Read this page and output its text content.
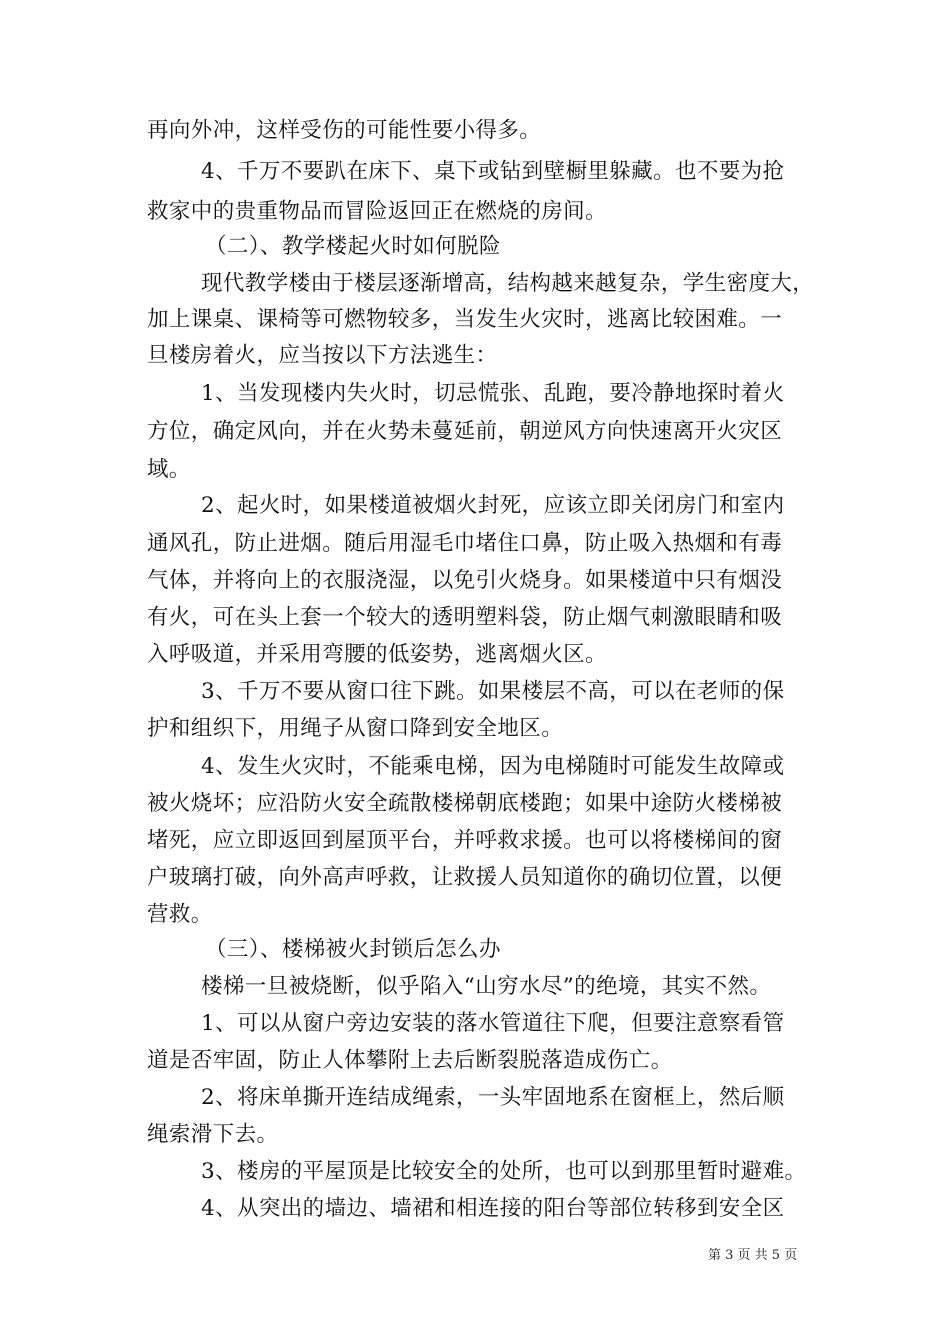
再向外冲，这样受伤的可能性要小得多。
4、千万不要趴在床下、桌下或钻到壁橱里躲藏。也不要为抢
救家中的贵重物品而冒险返回正在燃烧的房间。
（二）、教学楼起火时如何脱险
现代教学楼由于楼层逐渐增高，结构越来越复杂，学生密度大，
加上课桌、课椅等可燃物较多，当发生火灾时，逃离比较困难。一
旦楼房着火，应当按以下方法逃生：
1、当发现楼内失火时，切忌慌张、乱跑，要冷静地探时着火
方位，确定风向，并在火势未蔓延前，朝逆风方向快速离开火灾区
域。
2、起火时，如果楼道被烟火封死，应该立即关闭房门和室内
通风孔，防止进烟。随后用湿毛巾堵住口鼻，防止吸入热烟和有毒
气体，并将向上的衣服浇湿，以免引火烧身。如果楼道中只有烟没
有火，可在头上套一个较大的透明塑料袋，防止烟气刺激眼睛和吸
入呼吸道，并采用弯腰的低姿势，逃离烟火区。
3、千万不要从窗口往下跳。如果楼层不高，可以在老师的保
护和组织下，用绳子从窗口降到安全地区。
4、发生火灾时，不能乘电梯，因为电梯随时可能发生故障或
被火烧坏；应沿防火安全疏散楼梯朝底楼跑；如果中途防火楼梯被
堵死，应立即返回到屋顶平台，并呼救求援。也可以将楼梯间的窗
户玻璃打破，向外高声呼救，让救援人员知道你的确切位置，以便
营救。
（三）、楼梯被火封锁后怎么办
楼梯一旦被烧断，似乎陷入“山穷水尽”的绝境，其实不然。
1、可以从窗户旁边安装的落水管道往下爬，但要注意察看管
道是否牢固，防止人体攀附上去后断裂脱落造成伤亡。
2、将床单撕开连结成绳索，一头牢固地系在窗框上，然后顺
绳索滑下去。
3、楼房的平屋顶是比较安全的处所，也可以到那里暂时避难。
4、从突出的墙边、墙裙和相连接的阳台等部位转移到安全区
第 3 页 共 5 页
